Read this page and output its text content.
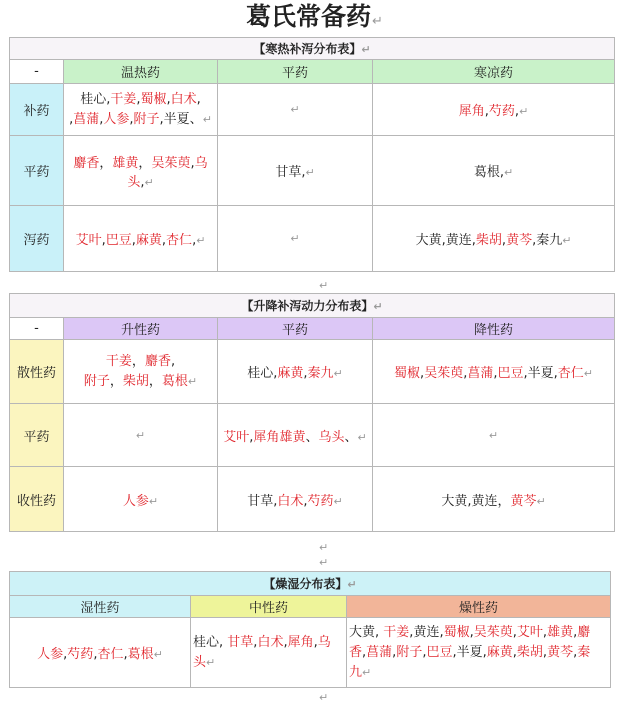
葛氏常备药↵
【寒热补泻分布表】↵			
-	温热药	平药	寒凉药
补药	桂心,干姜,蜀椒,白术,
,菖蒲,人参,附子,半夏、↵	↵	犀角,芍药,↵
平药	麝香，雄黄，吴茱萸,乌头,↵	甘草,↵	葛根,↵
泻药	艾叶,巴豆,麻黄,杏仁,↵	↵	大黄,黄连,柴胡,黄芩,秦九↵
↵
【升降补泻动力分布表】↵			
-	升性药	平药	降性药
散性药	干姜，麝香,
附子，柴胡，葛根↵	桂心,麻黄,秦九↵	蜀椒,吴茱萸,菖蒲,巴豆,半夏,杏仁↵
平药	↵	艾叶,犀角雄黄、乌头、↵	↵
收性药	人参↵	甘草,白术,芍药↵	大黄,黄连，黄芩↵
↵
↵
【燥湿分布表】↵		
湿性药	中性药	燥性药
人参,芍药,杏仁,葛根↵	桂心, 甘草,白术,犀角,乌
头↵	大黄, 干姜,黄连,蜀椒,吴茱萸,艾叶,雄黄,麝
香,菖蒲,附子,巴豆,半夏,麻黄,柴胡,黄芩,秦
九↵
↵
